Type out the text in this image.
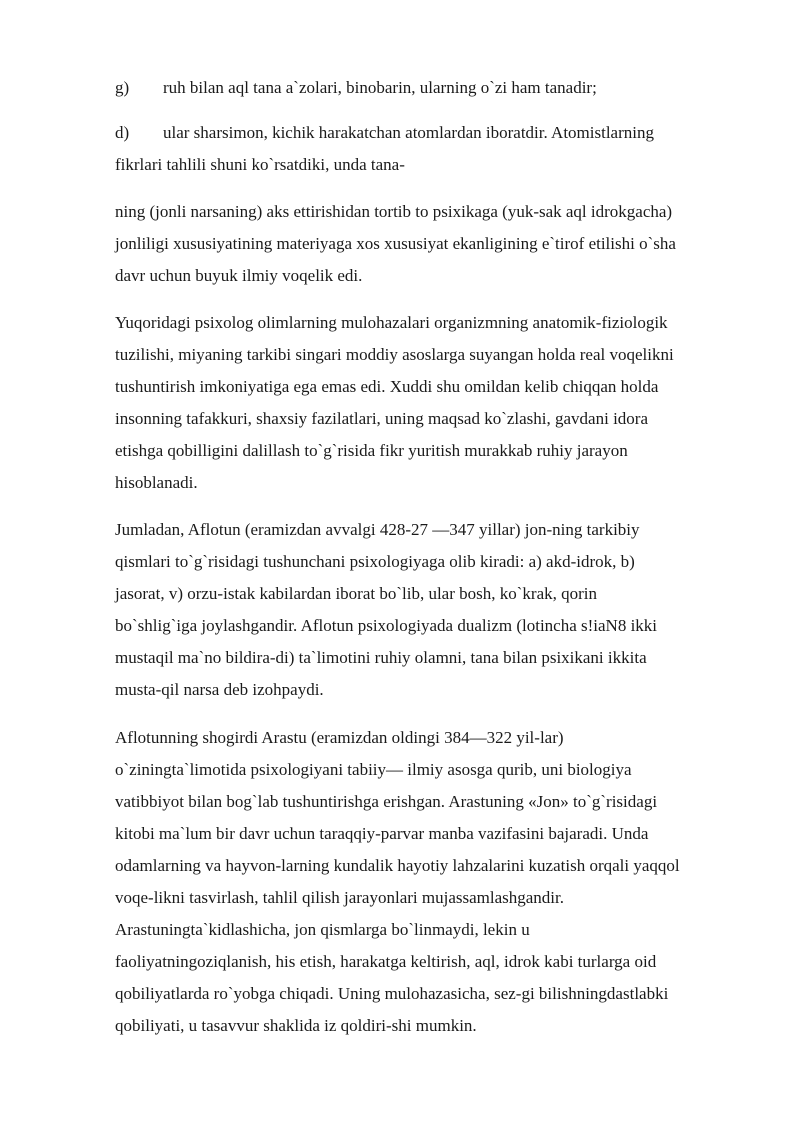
g) ruh bilan aql tana a`zolari, binobarin, ularning o`zi ham tanadir;
d) ular sharsimon, kichik harakatchan atomlardan iboratdir. Atomistlarning
fikrlari tahlili shuni ko`rsatdiki, unda tana-
ning (jonli narsaning) aks ettirishidan tortib to psixikaga (yuk-sak aql idrokgacha)
jonliligi xususiyatining materiyaga xos xususiyat ekanligining e`tirof etilishi o`sha
davr uchun buyuk ilmiy voqelik edi.
Yuqoridagi psixolog olimlarning mulohazalari organizmning anatomik-fiziologik
tuzilishi, miyaning tarkibi singari moddiy asoslarga suyangan holda real voqelikni
tushuntirish imkoniyatiga ega emas edi. Xuddi shu omildan kelib chiqqan holda
insonning tafakkuri, shaxsiy fazilatlari, uning maqsad ko`zlashi, gavdani idora
etishga qobilligini dalillash to`g`risida fikr yuritish murakkab ruhiy jarayon
hisoblanadi.
Jumladan, Aflotun (eramizdan avvalgi 428-27 —347 yillar) jon-ning tarkibiy
qismlari to`g`risidagi tushunchani psixologiyaga olib kiradi: a) akd-idrok, b)
jasorat, v) orzu-istak kabilardan iborat bo`lib, ular bosh, ko`krak, qorin
bo`shlig`iga joylashgandir. Aflotun psixologiyada dualizm (lotincha s!iaN8 ikki
mustaqil ma`no bildira-di) ta`limotini ruhiy olamni, tana bilan psixikani ikkita
musta-qil narsa deb izohpaydi.
Aflotunning shogirdi Arastu (eramizdan oldingi 384—322 yil-lar)
o`ziningta`limotida psixologiyani tabiiy— ilmiy asosga qurib, uni biologiya
vatibbiyot bilan bog`lab tushuntirishga erishgan. Arastuning «Jon» to`g`risidagi
kitobi ma`lum bir davr uchun taraqqiy-parvar manba vazifasini bajaradi. Unda
odamlarning va hayvon-larning kundalik hayotiy lahzalarini kuzatish orqali yaqqol
voqe-likni tasvirlash, tahlil qilish jarayonlari mujassamlashgandir.
Arastuningta`kidlashicha, jon qismlarga bo`linmaydi, lekin u
faoliyatningoziqlanish, his etish, harakatga keltirish, aql, idrok kabi turlarga oid
qobiliyatlarda ro`yobga chiqadi. Uning mulohazasicha, sez-gi bilishningdastlabki
qobiliyati, u tasavvur shaklida iz qoldiri-shi mumkin.
